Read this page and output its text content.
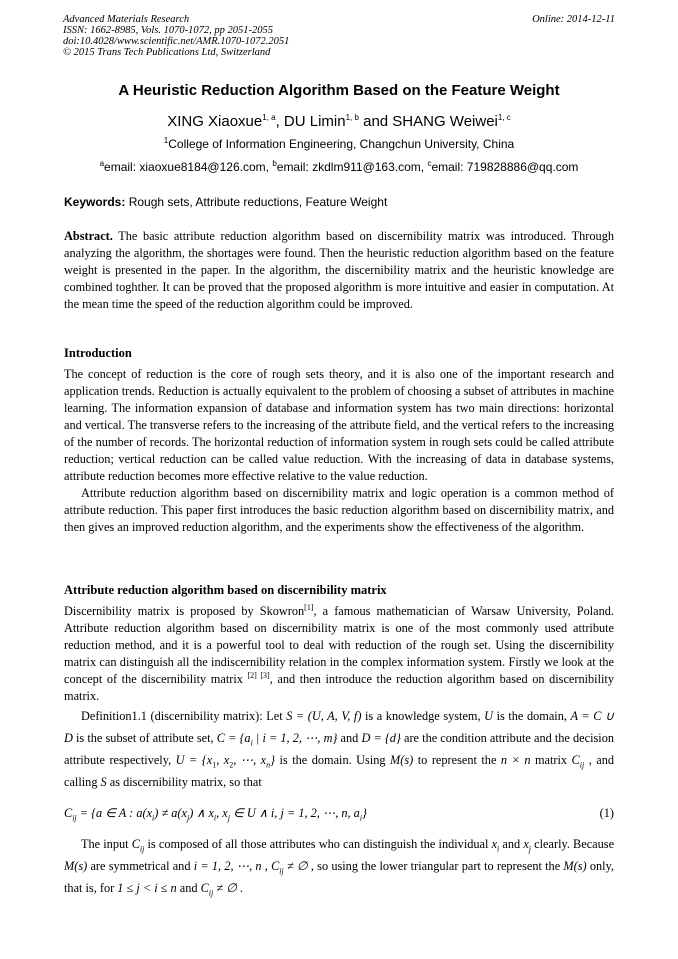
Advanced Materials Research
ISSN: 1662-8985, Vols. 1070-1072, pp 2051-2055
doi:10.4028/www.scientific.net/AMR.1070-1072.2051
© 2015 Trans Tech Publications Ltd, Switzerland
Online: 2014-12-11
A Heuristic Reduction Algorithm Based on the Feature Weight
XING Xiaoxue$^{1, a}$, DU Limin$^{1, b}$ and SHANG Weiwei$^{1, c}$
$^1$College of Information Engineering, Changchun University, China
$^a$email: xiaoxue8184@126.com, $^b$email: zkdlm911@163.com, $^c$email: 719828886@qq.com
Keywords: Rough sets, Attribute reductions, Feature Weight

Abstract. The basic attribute reduction algorithm based on discernibility matrix was introduced. Through analyzing the algorithm, the shortages were found. Then the heuristic reduction algorithm based on the feature weight is presented in the paper. In the algorithm, the discernibility matrix and the heuristic knowledge are combined toghther. It can be proved that the proposed algorithm is more intuitive and easier in computation. At the mean time the speed of the reduction algorithm could be improved.

Introduction

The concept of reduction is the core of rough sets theory, and it is also one of the important research and application trends. Reduction is actually equivalent to the problem of choosing a subset of attributes in machine learning. The information expansion of database and information system has two main directions: horizontal and vertical. The transverse refers to the increasing of the attribute field, and the vertical refers to the increasing of the number of records. The horizontal reduction of information system in rough sets could be called attribute reduction; vertical reduction can be called value reduction. With the increasing of data in database systems, attribute reduction becomes more effective relative to the value reduction.

Attribute reduction algorithm based on discernibility matrix and logic operation is a common method of attribute reduction. This paper first introduces the basic reduction algorithm based on discernibility matrix, and then gives an improved reduction algorithm, and the experiments show the effectiveness of the algorithm.

Attribute reduction algorithm based on discernibility matrix

Discernibility matrix is proposed by Skowron[1], a famous mathematician of Warsaw University, Poland. Attribute reduction algorithm based on discernibility matrix is one of the most commonly used attribute reduction method, and it is a powerful tool to deal with reduction of the rough set. Using the discernibility matrix can distinguish all the indiscernibility relation in the complex information system. Firstly we look at the concept of the discernibility matrix [2] [3], and then introduce the reduction algorithm based on discernibility matrix.

Definition1.1 (discernibility matrix): Let S = (U, A, V, f) is a knowledge system, U is the domain, A = C ∪ D is the subset of attribute set, $C = \{a_i$ | i = 1, 2, ⋯, m} and D = {d} are the condition attribute and the decision attribute respectively, $U = \{x_1$, $x_2$, ⋯, $x_n$} is the domain. Using M(s) to represent the n × n matrix $C_{ij}$ , and calling S as discernibility matrix, so that

$C_{ij} = \{a$ ∈ A : $a(x_i) \ne a(x_j)$ ∧ $x_i$, $x_j$ ∈ U ∧ i, j = 1, 2, ⋯, n, $a_i$}	(1)

The input $C_{ij}$ is composed of all those attributes who can distinguish the individual $x_i$ and $x_j$ clearly. Because M(s) are symmetrical and i = 1, 2, ⋯, n , $C_{ij}$ ≠ ∅ , so using the lower triangular part to represent the M(s) only, that is, for 1 ≤ j < i ≤ n and $C_{ij}$ ≠ ∅ .
